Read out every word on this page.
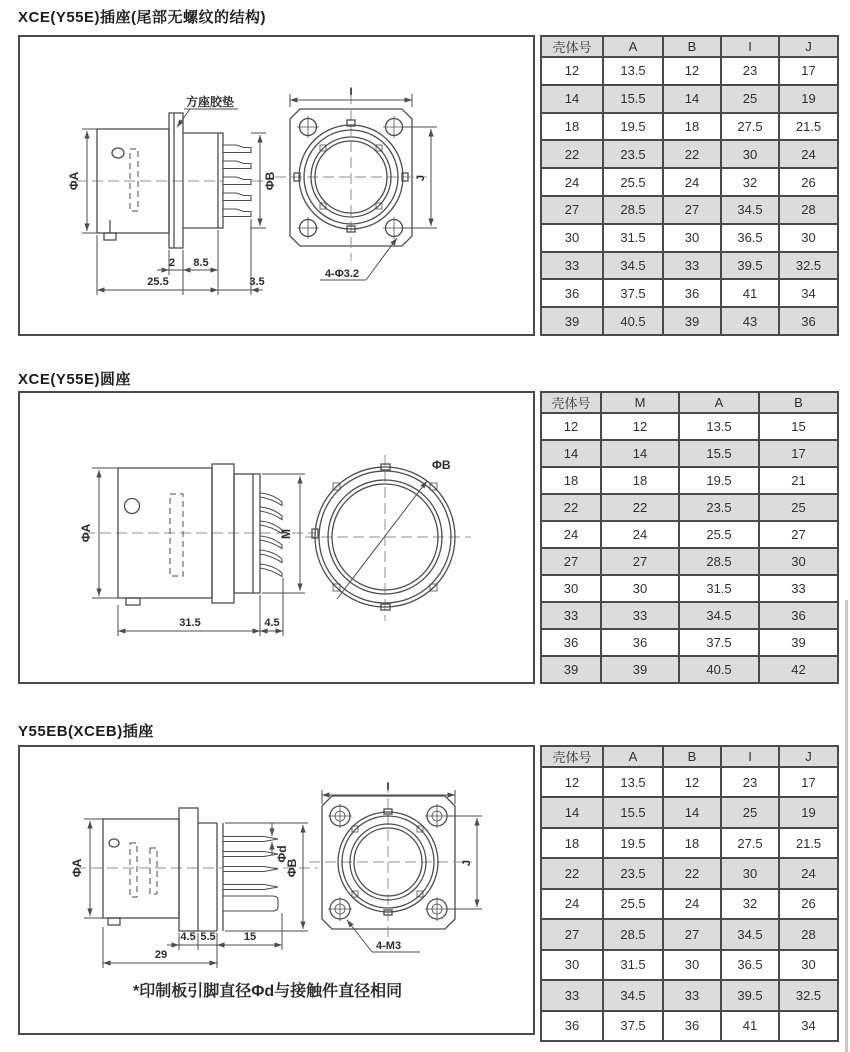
XCE(Y55E)插座(尾部无螺纹的结构)
方座胶垫
ΦA	ΦB
2 8.5
25.5	3.5
I
J
4-Φ3.2
壳体号	A	B	I	J
12	13.5	12	23	17
14	15.5	14	25	19
18	19.5	18	27.5	21.5
22	23.5	22	30	24
24	25.5	24	32	26
27	28.5	27	34.5	28
30	31.5	30	36.5	30
33	34.5	33	39.5	32.5
36	37.5	36	41	34
39	40.5	39	43	36
XCE(Y55E)圆座
ΦA	M
31.5	4.5
ΦB
壳体号	M	A	B
12	12	13.5	15
14	14	15.5	17
18	18	19.5	21
22	22	23.5	25
24	24	25.5	27
27	27	28.5	30
30	30	31.5	33
33	33	34.5	36
36	36	37.5	39
39	39	40.5	42
Y55EB(XCEB)插座
ΦA
Φd
ΦB
4.5 5.5	15
29
*印制板引脚直径Φd与接触件直径相同
I
J
4-M3
壳体号	A	B	I	J
12	13.5	12	23	17
14	15.5	14	25	19
18	19.5	18	27.5	21.5
22	23.5	22	30	24
24	25.5	24	32	26
27	28.5	27	34.5	28
30	31.5	30	36.5	30
33	34.5	33	39.5	32.5
36	37.5	36	41	34
